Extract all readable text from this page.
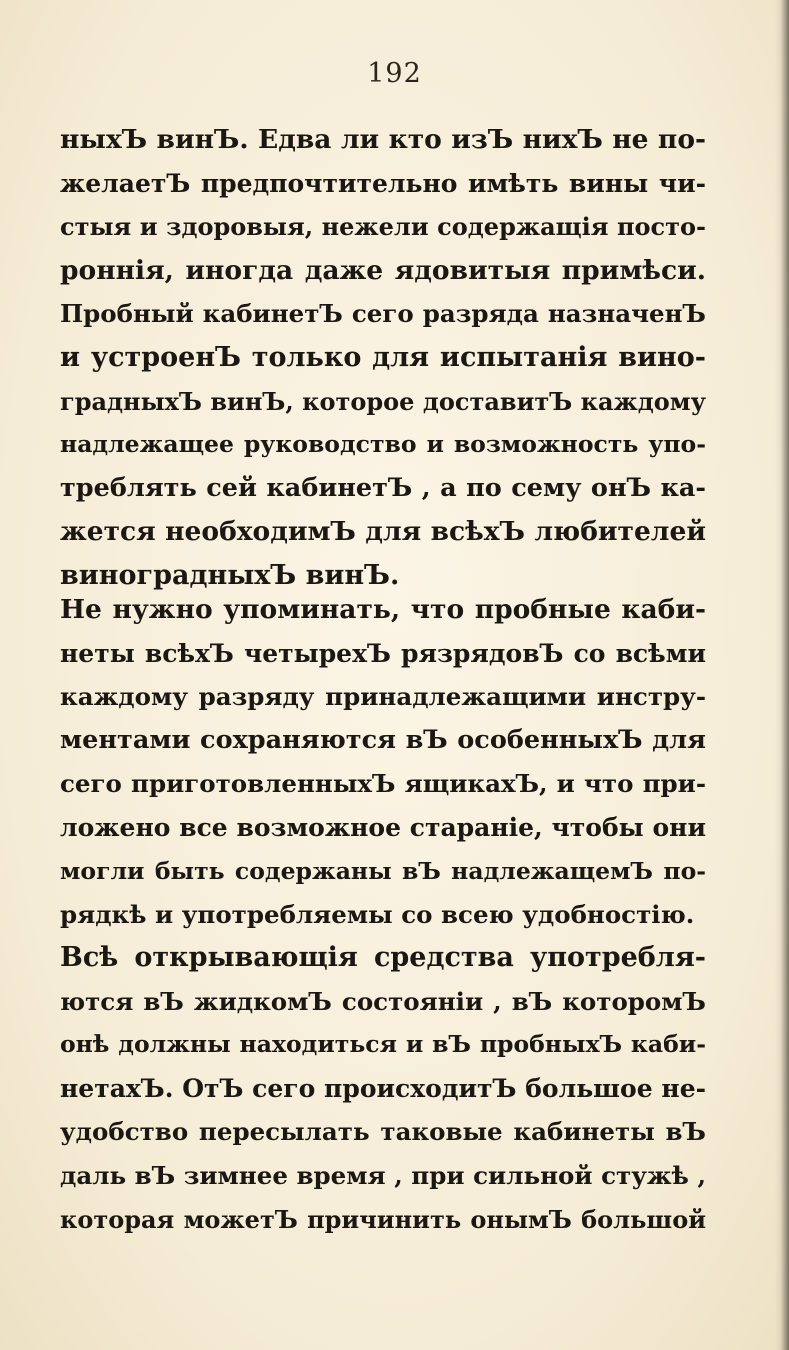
192
ныхЪ винЪ. Едва ли кто изЪ нихЪ не по-
желаетЪ предпочтительно имѣть вины чи-
стыя и здоровыя, нежели содержащія посто-
роннія, иногда даже ядовитыя примѣси.
Пробный кабинетЪ сего разряда назначенЪ
и устроенЪ только для испытанія вино-
градныхЪ винЪ, которое доставитЪ каждому
надлежащее руководство и возможность упо-
треблять сей кабинетЪ , а по сему онЪ ка-
жется необходимЪ для всѣхЪ любителей
виноградныхЪ винЪ.
Не нужно упоминать, что пробные каби-
неты всѣхЪ четырехЪ рязрядовЪ со всѣми
каждому разряду принадлежащими инстру-
ментами сохраняются вЪ особенныхЪ для
сего приготовленныхЪ ящикахЪ, и что при-
ложено все возможное стараніе, чтобы они
могли быть содержаны вЪ надлежащемЪ по-
рядкѣ и употребляемы со всею удобностію.
Всѣ открывающія средства употребля-
ются вЪ жидкомЪ состояніи , вЪ которомЪ
онѣ должны находиться и вЪ пробныхЪ каби-
нетахЪ. ОтЪ сего происходитЪ большое не-
удобство пересылать таковые кабинеты вЪ
даль вЪ зимнее время , при сильной стужѣ ,
которая можетЪ причинить онымЪ большой
